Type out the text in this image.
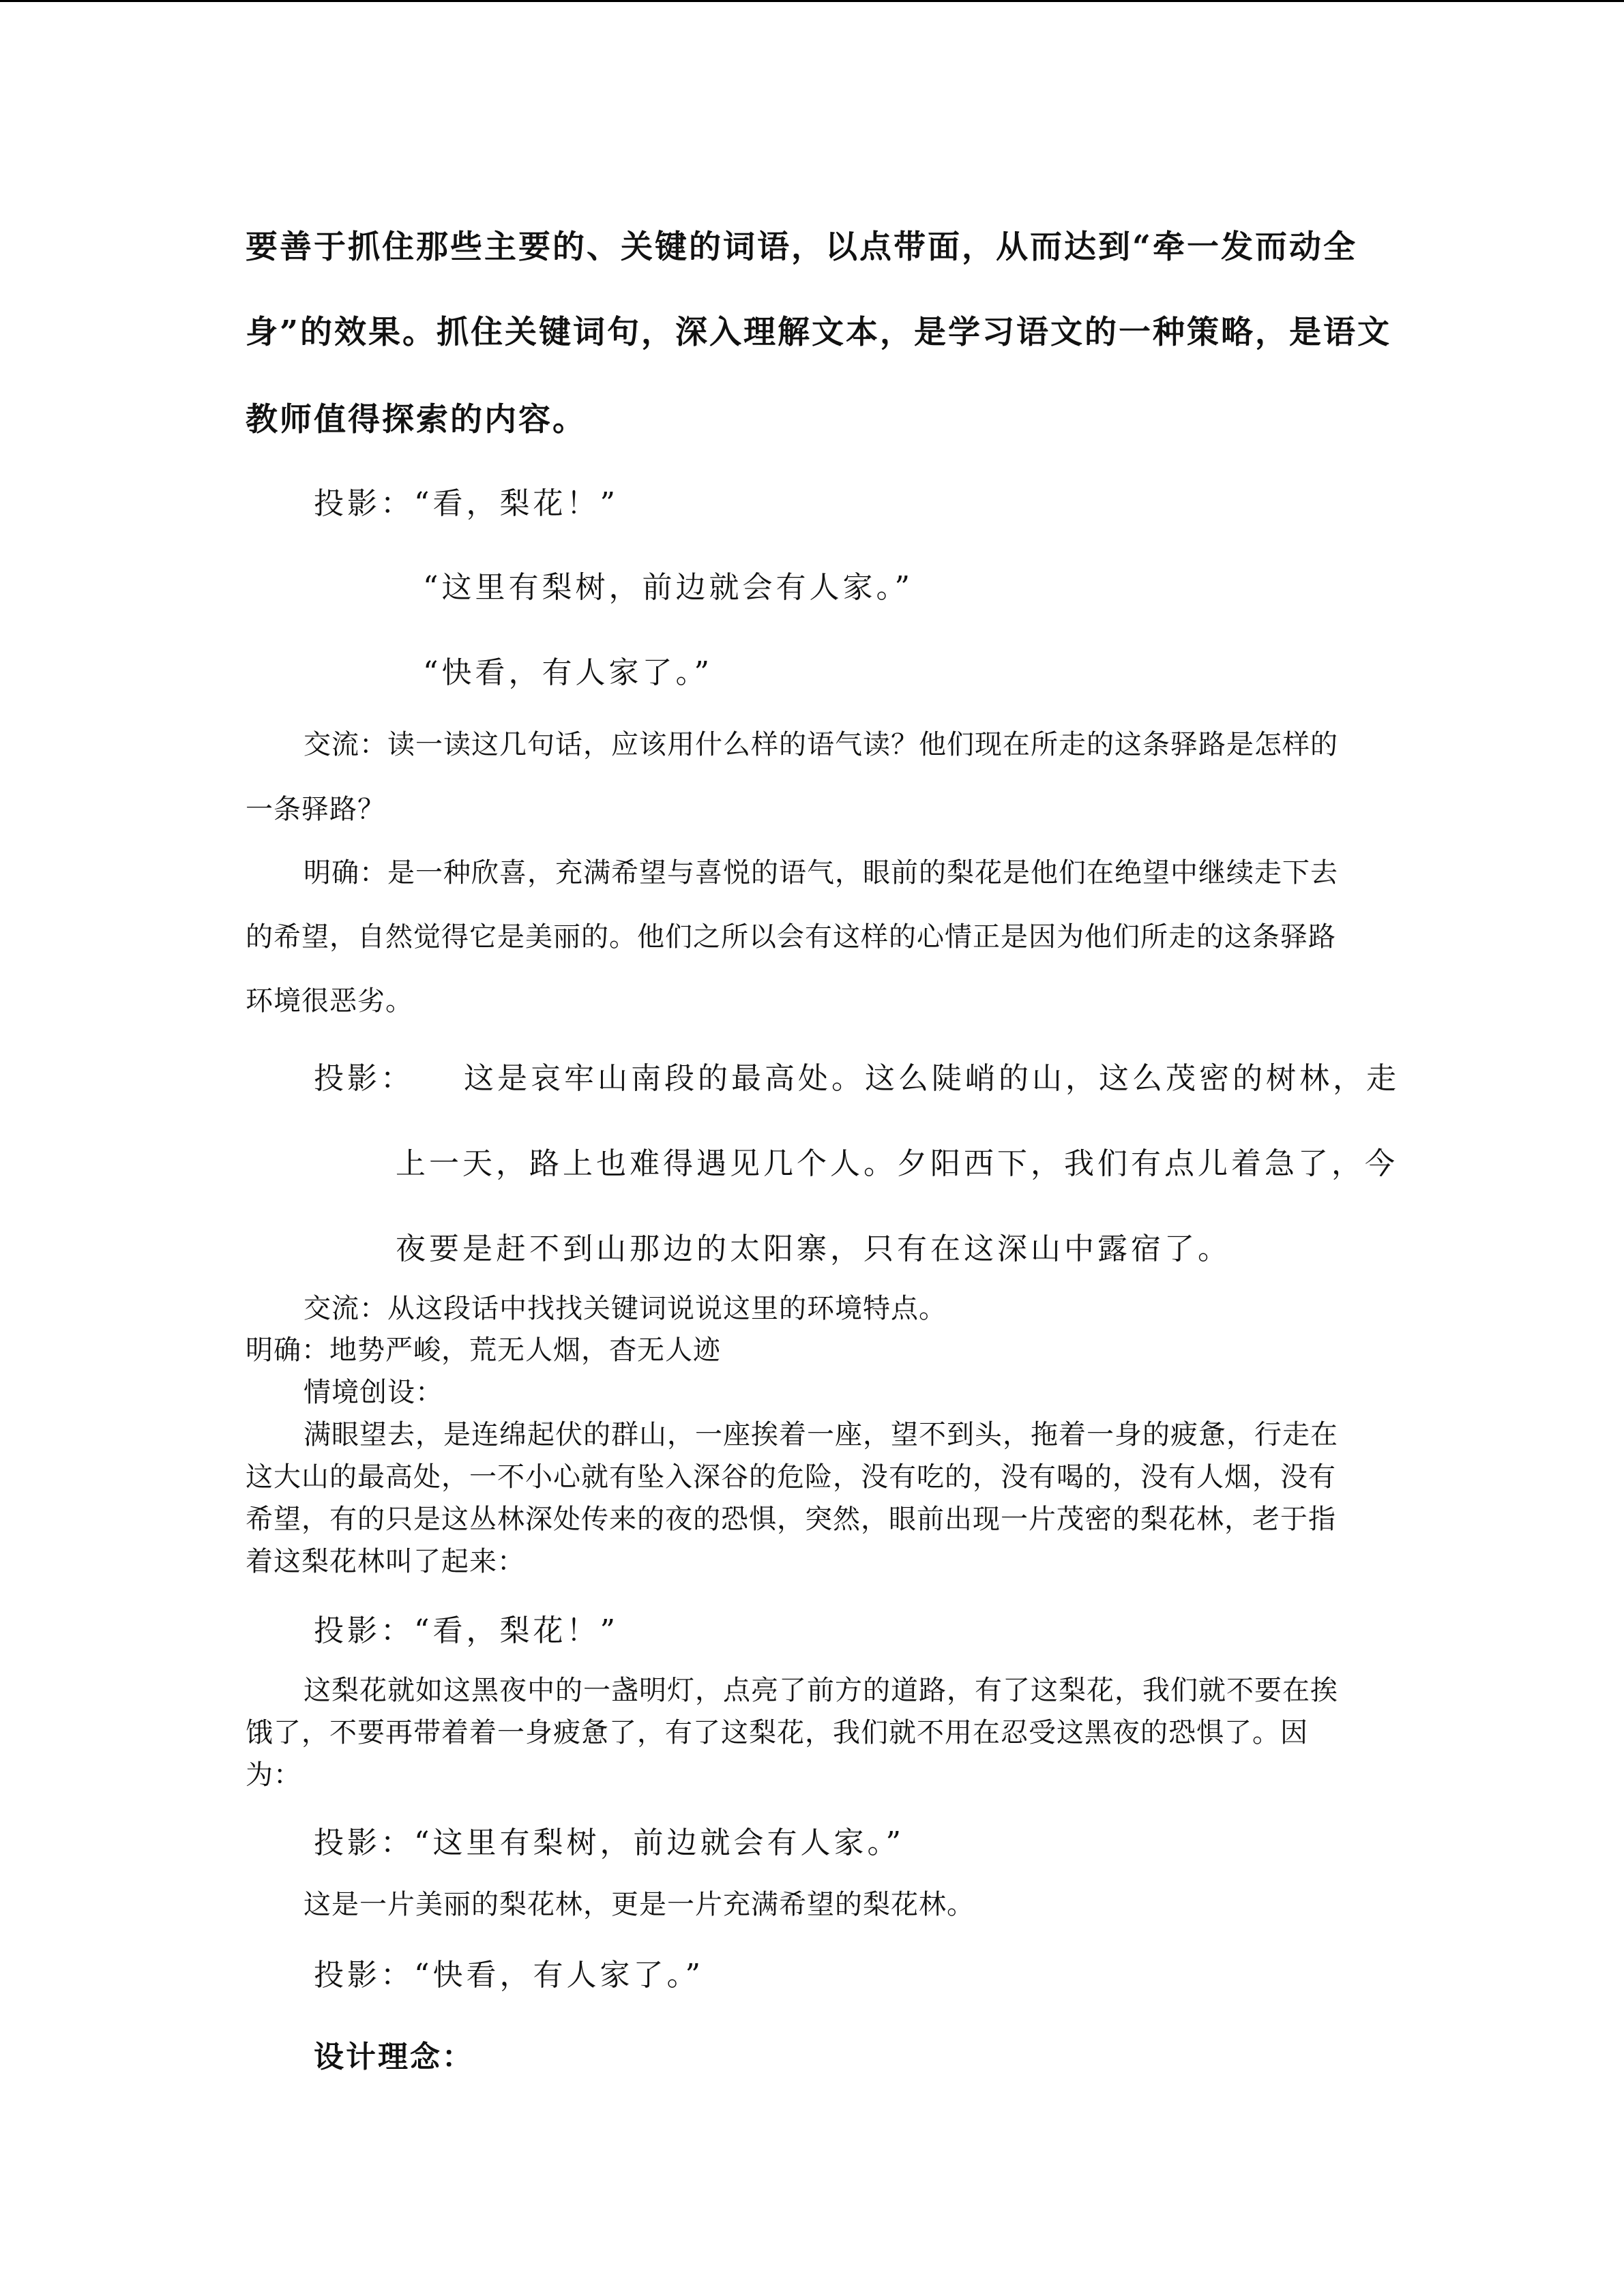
要善于抓住那些主要的、关键的词语，以点带面，从而达到“牵一发而动全
身”的效果。抓住关键词句，深入理解文本，是学习语文的一种策略，是语文
教师值得探索的内容。
投影：“看，梨花！”
“这里有梨树，前边就会有人家。”
“快看，有人家了。”
交流：读一读这几句话，应该用什么样的语气读？他们现在所走的这条驿路是怎样的
一条驿路？
明确：是一种欣喜，充满希望与喜悦的语气，眼前的梨花是他们在绝望中继续走下去
的希望，自然觉得它是美丽的。他们之所以会有这样的心情正是因为他们所走的这条驿路
环境很恶劣。
投影： 这是哀牢山南段的最高处。这么陡峭的山，这么茂密的树林，走
上一天，路上也难得遇见几个人。夕阳西下，我们有点儿着急了，今
夜要是赶不到山那边的太阳寨，只有在这深山中露宿了。
交流：从这段话中找找关键词说说这里的环境特点。
明确：地势严峻，荒无人烟，杳无人迹
情境创设：
满眼望去，是连绵起伏的群山，一座挨着一座，望不到头，拖着一身的疲惫，行走在
这大山的最高处，一不小心就有坠入深谷的危险，没有吃的，没有喝的，没有人烟，没有
希望，有的只是这丛林深处传来的夜的恐惧，突然，眼前出现一片茂密的梨花林，老于指
着这梨花林叫了起来：
投影：“看，梨花！”
这梨花就如这黑夜中的一盏明灯，点亮了前方的道路，有了这梨花，我们就不要在挨
饿了，不要再带着着一身疲惫了，有了这梨花，我们就不用在忍受这黑夜的恐惧了。因
为：
投影：“这里有梨树，前边就会有人家。”
这是一片美丽的梨花林，更是一片充满希望的梨花林。
投影：“快看，有人家了。”
设计理念：
